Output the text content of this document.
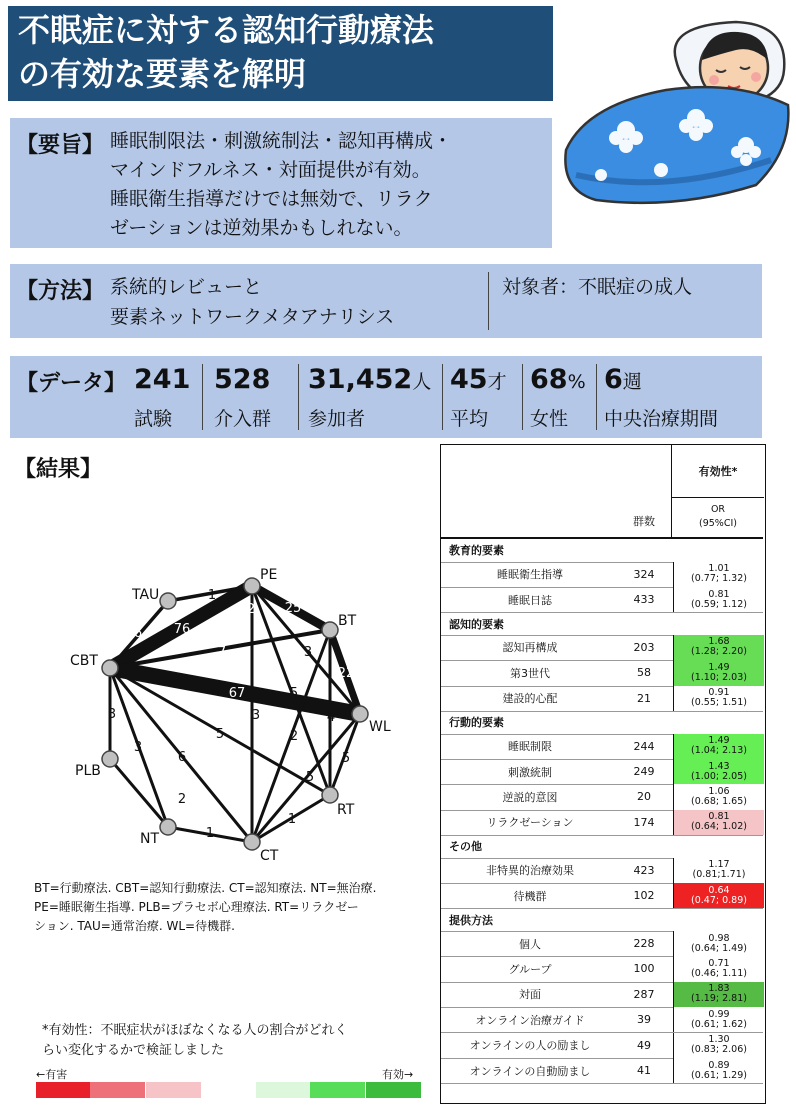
不眠症に対する認知行動療法
の有効な要素を解明
【要旨】 睡眠制限法・刺激統制法・認知再構成・
マインドフルネス・対面提供が有効。
睡眠衛生指導だけでは無効で、リラク
ゼーションは逆効果かもしれない。
【方法】 系統的レビューと
要素ネットワークメタアナリシス
対象者：不眠症の成人
【データ】 241
試験
528
介入群
31,452人
参加者
45才
平均
68%
女性
6週
中央治療期間
【結果】
1
6 76
25
2
7	3
22
67	5
4
3
3
3
6
5	2
5
5
2
1
1
PE
BT
WL
RT
CT
NT
PLB
CBT
TAU
BT=行動療法. CBT=認知行動療法. CT=認知療法. NT=無治療.
PE=睡眠衛生指導. PLB=プラセボ心理療法. RT=リラクゼー
ション. TAU=通常治療. WL=待機群.
*有効性：不眠症状がほぼなくなる人の割合がどれく
らい変化するかで検証しました
←有害	有効→
有効性*
OR
(95%CI)
群数
教育的要素
睡眠衛生指導	324	1.01
(0.77; 1.32)
睡眠日誌	433	0.81
(0.59; 1.12)
認知的要素
認知再構成	203	1.68
(1.28; 2.20)
第3世代	58	1.49
(1.10; 2.03)
建設的心配	21	0.91
(0.55; 1.51)
行動的要素
睡眠制限	244	1.49
(1.04; 2.13)
刺激統制	249	1.43
(1.00; 2.05)
逆説的意図	20	1.06
(0.68; 1.65)
リラクゼーション	174	0.81
(0.64; 1.02)
その他
非特異的治療効果	423	1.17
(0.81;1.71)
待機群	102	0.64
(0.47; 0.89)
提供方法
個人	228	0.98
(0.64; 1.49)
グループ	100	0.71
(0.46; 1.11)
対面	287	1.83
(1.19; 2.81)
オンライン治療ガイド	39	0.99
(0.61; 1.62)
オンラインの人の励まし	49	1.30
(0.83; 2.06)
オンラインの自動励まし	41	0.89
(0.61; 1.29)
